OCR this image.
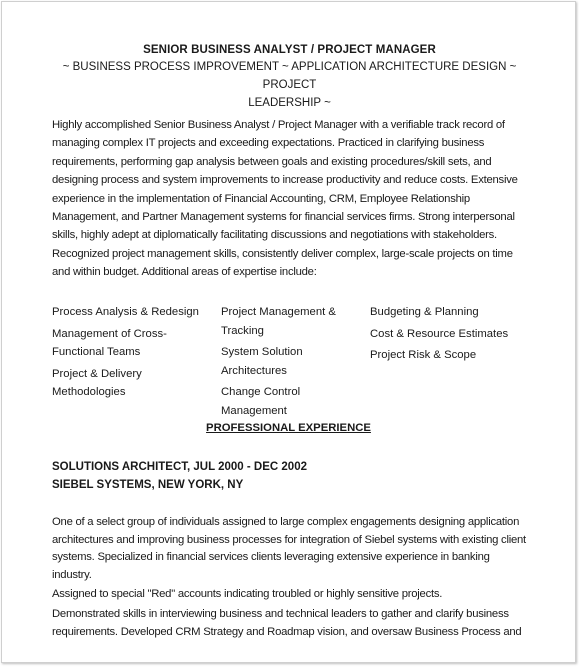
SENIOR BUSINESS ANALYST / PROJECT MANAGER
~ BUSINESS PROCESS IMPROVEMENT ~ APPLICATION ARCHITECTURE DESIGN ~ PROJECT
LEADERSHIP ~
Highly accomplished Senior Business Analyst / Project Manager with a verifiable track record of managing complex IT projects and exceeding expectations. Practiced in clarifying business requirements, performing gap analysis between goals and existing procedures/skill sets, and designing process and system improvements to increase productivity and reduce costs. Extensive experience in the implementation of Financial Accounting, CRM, Employee Relationship Management, and Partner Management systems for financial services firms. Strong interpersonal skills, highly adept at diplomatically facilitating discussions and negotiations with stakeholders. Recognized project management skills, consistently deliver complex, large-scale projects on time and within budget. Additional areas of expertise include:
Process Analysis & Redesign
Management of Cross-Functional Teams
Project & Delivery Methodologies
Project Management & Tracking
System Solution Architectures
Change Control Management
Budgeting & Planning
Cost & Resource Estimates
Project Risk & Scope
PROFESSIONAL EXPERIENCE
SOLUTIONS ARCHITECT, JUL 2000 - DEC 2002
SIEBEL SYSTEMS, NEW YORK, NY

One of a select group of individuals assigned to large complex engagements designing application architectures and improving business processes for integration of Siebel systems with existing client systems. Specialized in financial services clients leveraging extensive experience in banking industry.

Assigned to special "Red" accounts indicating troubled or highly sensitive projects.

Demonstrated skills in interviewing business and technical leaders to gather and clarify business requirements. Developed CRM Strategy and Roadmap vision, and oversaw Business Process and
